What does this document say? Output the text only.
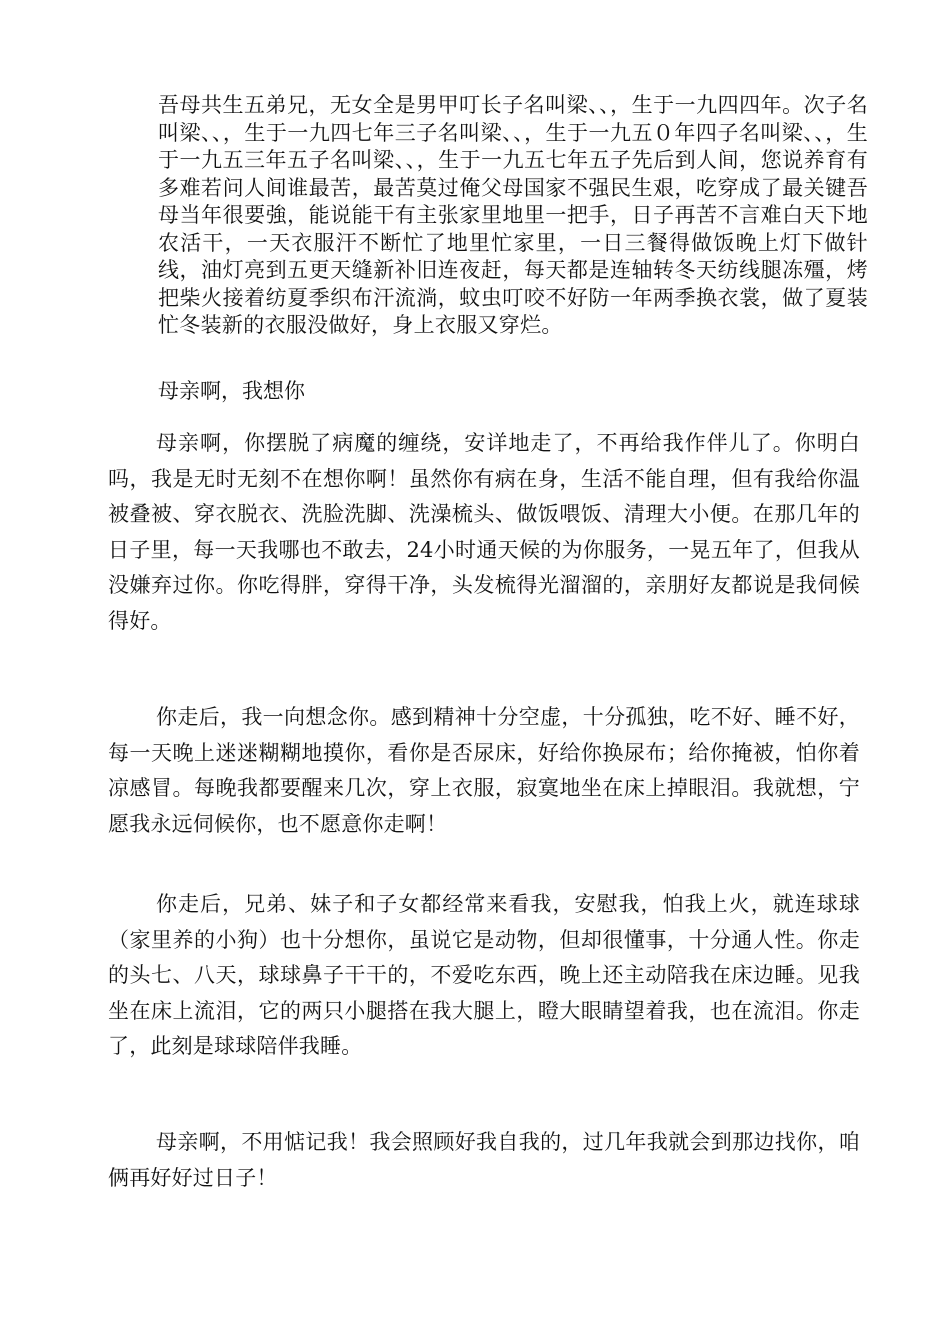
吾母共生五弟兄，无女全是男甲叮长子名叫梁、、，生于一九四四年。次子名叫梁、、，生于一九四七年三子名叫梁、、，生于一九五０年四子名叫梁、、，生于一九五三年五子名叫梁、、，生于一九五七年五子先后到人间，您说养育有多难若问人间谁最苦，最苦莫过俺父母国家不强民生艰，吃穿成了最关键吾母当年很要強，能说能干有主张家里地里一把手，日子再苦不言难白天下地农活干，一天衣服汗不断忙了地里忙家里，一日三餐得做饭晚上灯下做针线，油灯亮到五更天缝新补旧连夜赶，每天都是连轴转冬天纺线腿冻殭，烤把柴火接着纺夏季织布汗流淌，蚊虫叮咬不好防一年两季换衣裳，做了夏装忙冬装新的衣服没做好，身上衣服又穿烂。

母亲啊，我想你

母亲啊，你摆脱了病魔的缠绕，安详地走了，不再给我作伴儿了。你明白吗，我是无时无刻不在想你啊！虽然你有病在身，生活不能自理，但有我给你温被叠被、穿衣脱衣、洗脸洗脚、洗澡梳头、做饭喂饭、清理大小便。在那几年的日子里，每一天我哪也不敢去，24小时通天候的为你服务，一晃五年了，但我从没嫌弃过你。你吃得胖，穿得干净，头发梳得光溜溜的，亲朋好友都说是我伺候得好。

你走后，我一向想念你。感到精神十分空虚，十分孤独，吃不好、睡不好，每一天晚上迷迷糊糊地摸你，看你是否尿床，好给你换尿布；给你掩被，怕你着凉感冒。每晚我都要醒来几次，穿上衣服，寂寞地坐在床上掉眼泪。我就想，宁愿我永远伺候你，也不愿意你走啊！

你走后，兄弟、妹子和子女都经常来看我，安慰我，怕我上火，就连球球（家里养的小狗）也十分想你，虽说它是动物，但却很懂事，十分通人性。你走的头七、八天，球球鼻子干干的，不爱吃东西，晚上还主动陪我在床边睡。见我坐在床上流泪，它的两只小腿搭在我大腿上，瞪大眼睛望着我，也在流泪。你走了，此刻是球球陪伴我睡。

母亲啊，不用惦记我！我会照顾好我自我的，过几年我就会到那边找你，咱俩再好好过日子！
